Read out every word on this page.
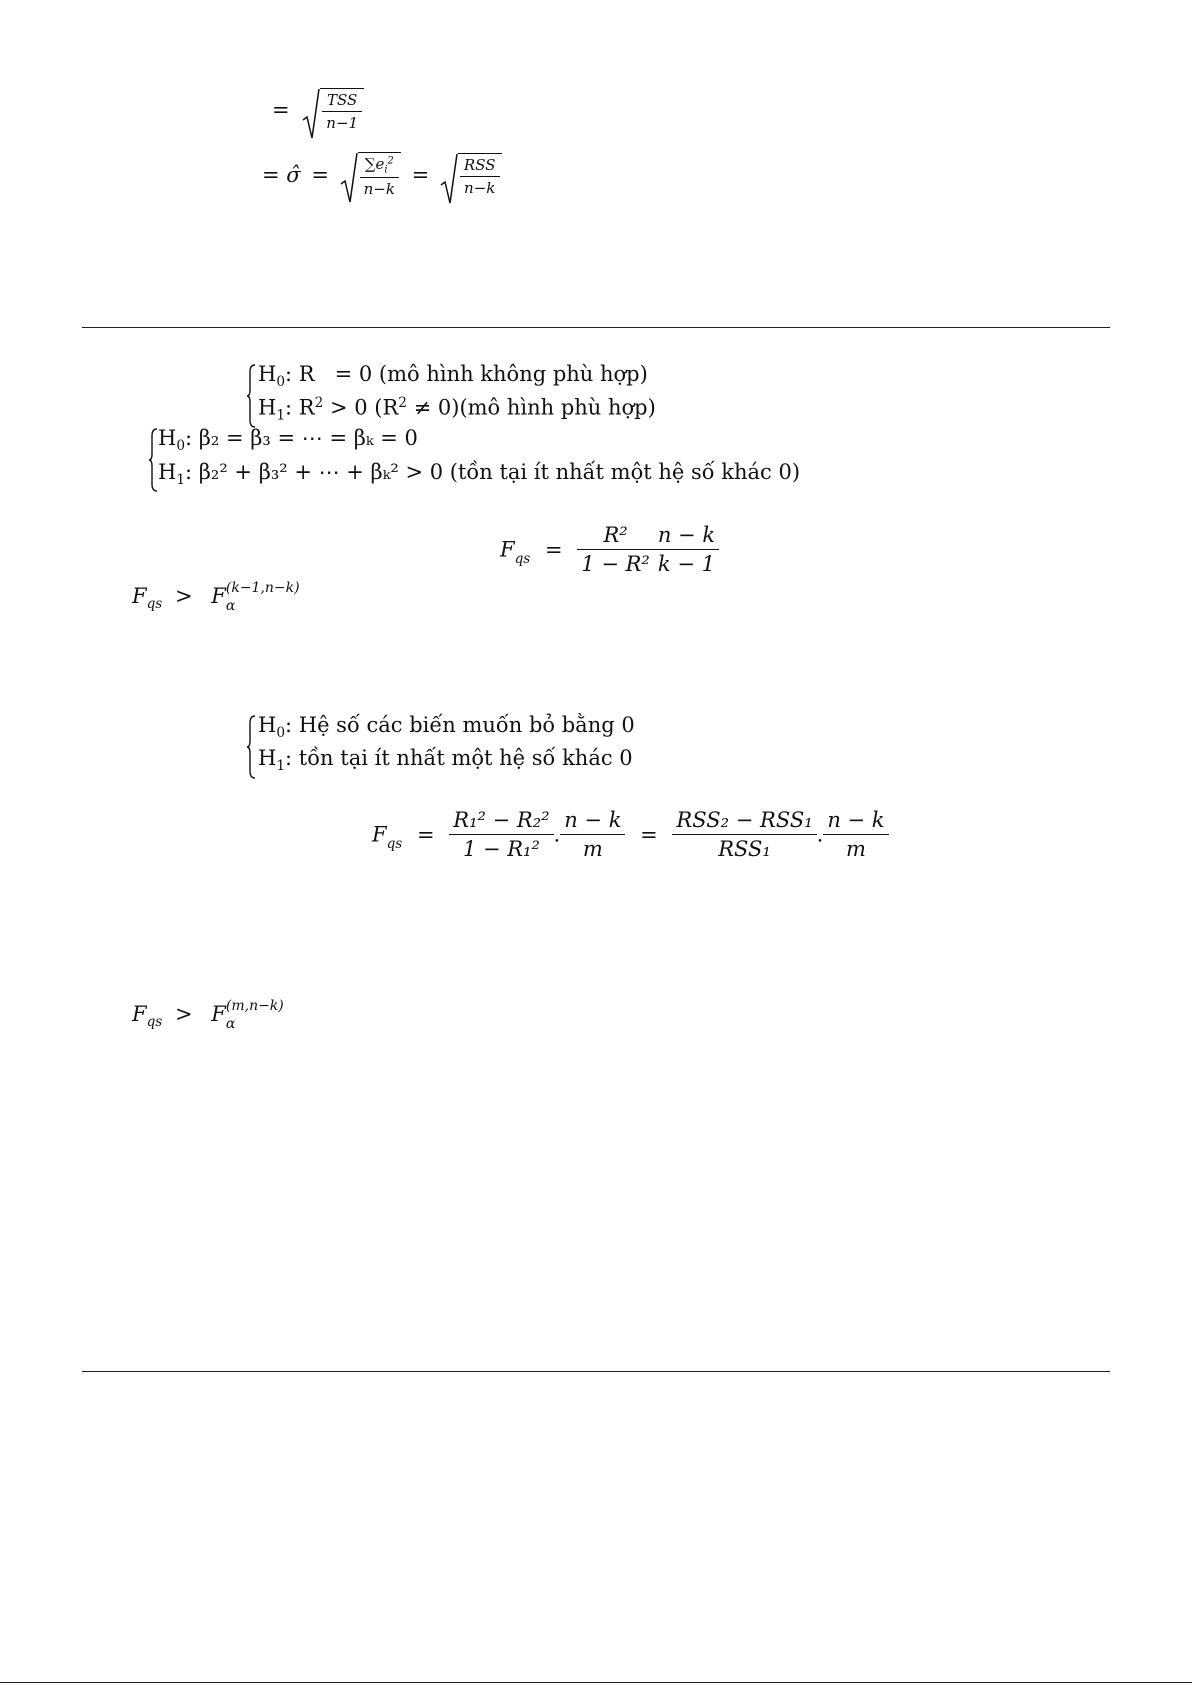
= $\frac{\text{TSS}}{n-1}$
= σ̂ = $\frac{\sum e_i^2}{n-k} = \frac{\text{RSS}}{n-k}$
$H_0$: R   = 0 (mô hình không phù hợp)
$H_1$: $R^2 > 0$ ($R^2$ ≠ 0)(mô hình phù hợp)
$H_0$: β₂ = β₃ = ⋯ = βₖ = 0
$H_1$: β₂² + β₃² + ⋯ + βₖ² > 0 (tồn tại ít nhất một hệ số khác 0)
$F_{qs} = \frac{\text{R²}}{\text{1 − R²}} \frac{n - k}{k - 1}$
$F_{qs} > F$ (k−1,n−k)
α
$H_0$: Hệ số các biến muốn bỏ bằng 0
$H_1$: tồn tại ít nhất một hệ số khác 0
$F_{qs} = \frac{\text{R₁² − R₂²}}{\text{1 − R₁²}}$ . $\frac{n - k}{m} = \frac{\text{RSS₂ − RSS₁}}{\text{RSS₁}}$ . $\frac{n - k}{m}$
$F_{qs} > F$ (m,n−k)
α
